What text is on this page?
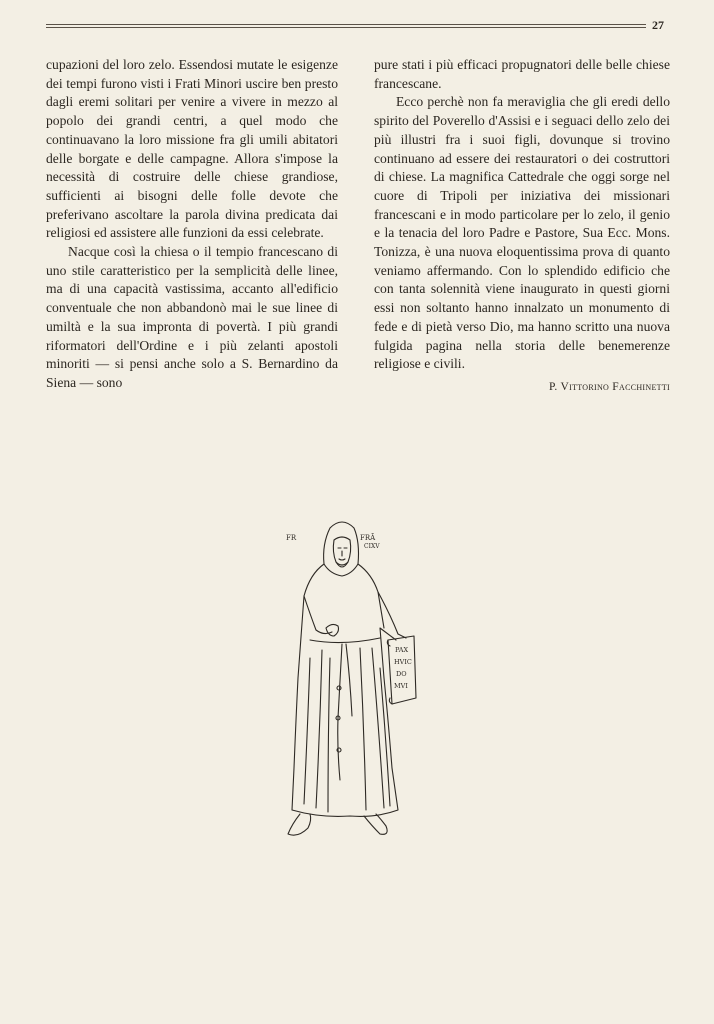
27

cupazioni del loro zelo. Essendosi mutate le esigenze dei tempi furono visti i Frati Minori uscire ben presto dagli eremi solitari per venire a vivere in mezzo al popolo dei grandi centri, a quel modo che continuavano la loro missione fra gli umili abitatori delle borgate e delle campagne. Allora s'impose la necessità di costruire delle chiese grandiose, sufficienti ai bisogni delle folle devote che preferivano ascoltare la parola divina predicata dai religiosi ed assistere alle funzioni da essi celebrate.

Nacque così la chiesa o il tempio francescano di uno stile caratteristico per la semplicità delle linee, ma di una capacità vastissima, accanto all'edificio conventuale che non abbandonò mai le sue linee di umiltà e la sua impronta di povertà. I più grandi riformatori dell'Ordine e i più zelanti apostoli minoriti — si pensi anche solo a S. Bernardino da Siena — sono

pure stati i più efficaci propugnatori delle belle chiese francescane.

Ecco perchè non fa meraviglia che gli eredi dello spirito del Poverello d'Assisi e i seguaci dello zelo dei più illustri fra i suoi figli, dovunque si trovino continuano ad essere dei restauratori o dei costruttori di chiese. La magnifica Cattedrale che oggi sorge nel cuore di Tripoli per iniziativa dei missionari francescani e in modo particolare per lo zelo, il genio e la tenacia del loro Padre e Pastore, Sua Ecc. Mons. Tonizza, è una nuova eloquentissima prova di quanto veniamo affermando. Con lo splendido edificio che con tanta solennità viene inaugurato in questi giorni essi non soltanto hanno innalzato un monumento di fede e di pietà verso Dio, ma hanno scritto una nuova fulgida pagina nella storia delle benemerenze religiose e civili.

P. Vittorino Facchinetti
FR	FRĀ
CIXV
PAX
HVIC
DO
MVI
